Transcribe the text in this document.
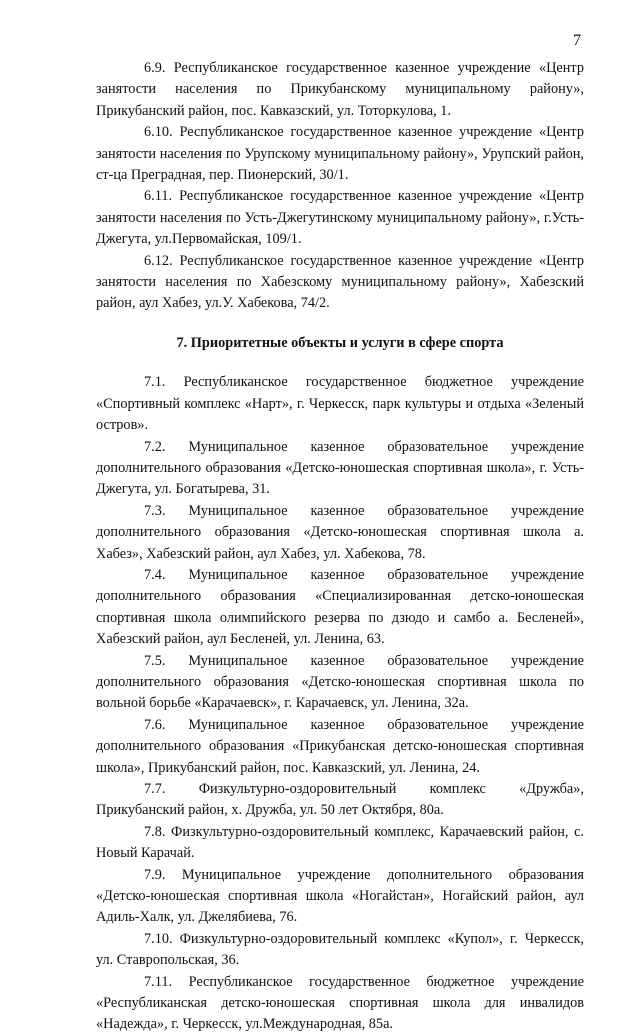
7

6.9. Республиканское государственное казенное учреждение «Центр занятости населения по Прикубанскому муниципальному району», Прикубанский район, пос. Кавказский, ул. Тоторкулова, 1.

6.10. Республиканское государственное казенное учреждение «Центр занятости населения по Урупскому муниципальному району», Урупский район, ст-ца Преградная, пер. Пионерский, 30/1.

6.11. Республиканское государственное казенное учреждение «Центр занятости населения по Усть-Джегутинскому муниципальному району», г.Усть-Джегута, ул.Первомайская, 109/1.

6.12. Республиканское государственное казенное учреждение «Центр занятости населения по Хабезскому муниципальному району», Хабезский район, аул Хабез, ул.У. Хабекова, 74/2.

7. Приоритетные объекты и услуги в сфере спорта

7.1. Республиканское государственное бюджетное учреждение «Спортивный комплекс «Нарт», г. Черкесск, парк культуры и отдыха «Зеленый остров».

7.2. Муниципальное казенное образовательное учреждение дополнительного образования «Детско-юношеская спортивная школа», г. Усть-Джегута, ул. Богатырева, 31.

7.3. Муниципальное казенное образовательное учреждение дополнительного образования «Детско-юношеская спортивная школа а. Хабез», Хабезский район, аул Хабез, ул. Хабекова, 78.

7.4. Муниципальное казенное образовательное учреждение дополнительного образования «Специализированная детско-юношеская спортивная школа олимпийского резерва по дзюдо и самбо а. Бесленей», Хабезский район, аул Бесленей, ул. Ленина, 63.

7.5. Муниципальное казенное образовательное учреждение дополнительного образования «Детско-юношеская спортивная школа по вольной борьбе «Карачаевск», г. Карачаевск, ул. Ленина, 32а.

7.6. Муниципальное казенное образовательное учреждение дополнительного образования «Прикубанская детско-юношеская спортивная школа», Прикубанский район, пос. Кавказский, ул. Ленина, 24.

7.7. Физкультурно-оздоровительный комплекс «Дружба», Прикубанский район, х. Дружба, ул. 50 лет Октября, 80а.

7.8. Физкультурно-оздоровительный комплекс, Карачаевский район, с. Новый Карачай.

7.9. Муниципальное учреждение дополнительного образования «Детско-юношеская спортивная школа «Ногайстан», Ногайский район, аул Адиль-Халк, ул. Джелябиева, 76.

7.10. Физкультурно-оздоровительный комплекс «Купол», г. Черкесск, ул. Ставропольская, 36.

7.11. Республиканское государственное бюджетное учреждение «Республиканская детско-юношеская спортивная школа для инвалидов «Надежда», г. Черкесск, ул.Международная, 85а.
